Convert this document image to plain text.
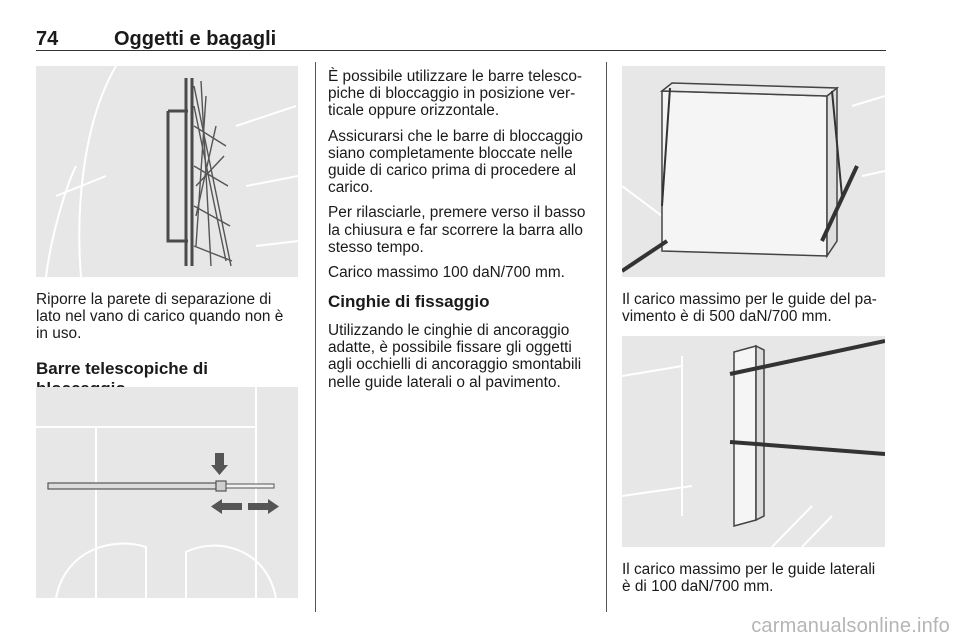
74	Oggetti e bagagli

Riporre la parete di separazione di lato nel vano di carico quando non è in uso.

Barre telescopiche di

È possibile utilizzare le barre telesco-piche di bloccaggio in posizione ver-ticale oppure orizzontale.

Assicurarsi che le barre di bloccaggio siano completamente bloccate nelle guide di carico prima di procedere al carico.

Per rilasciarle, premere verso il basso la chiusura e far scorrere la barra allo stesso tempo.

Carico massimo 100 daN/700 mm.

Cinghie di fissaggio

Utilizzando le cinghie di ancoraggio adatte, è possibile fissare gli oggetti agli occhielli di ancoraggio smontabili nelle guide laterali o al pavimento.

Il carico massimo per le guide del pa-vimento è di 500 daN/700 mm.

Il carico massimo per le guide laterali è di 100 daN/700 mm.

carmanualsonline.info
